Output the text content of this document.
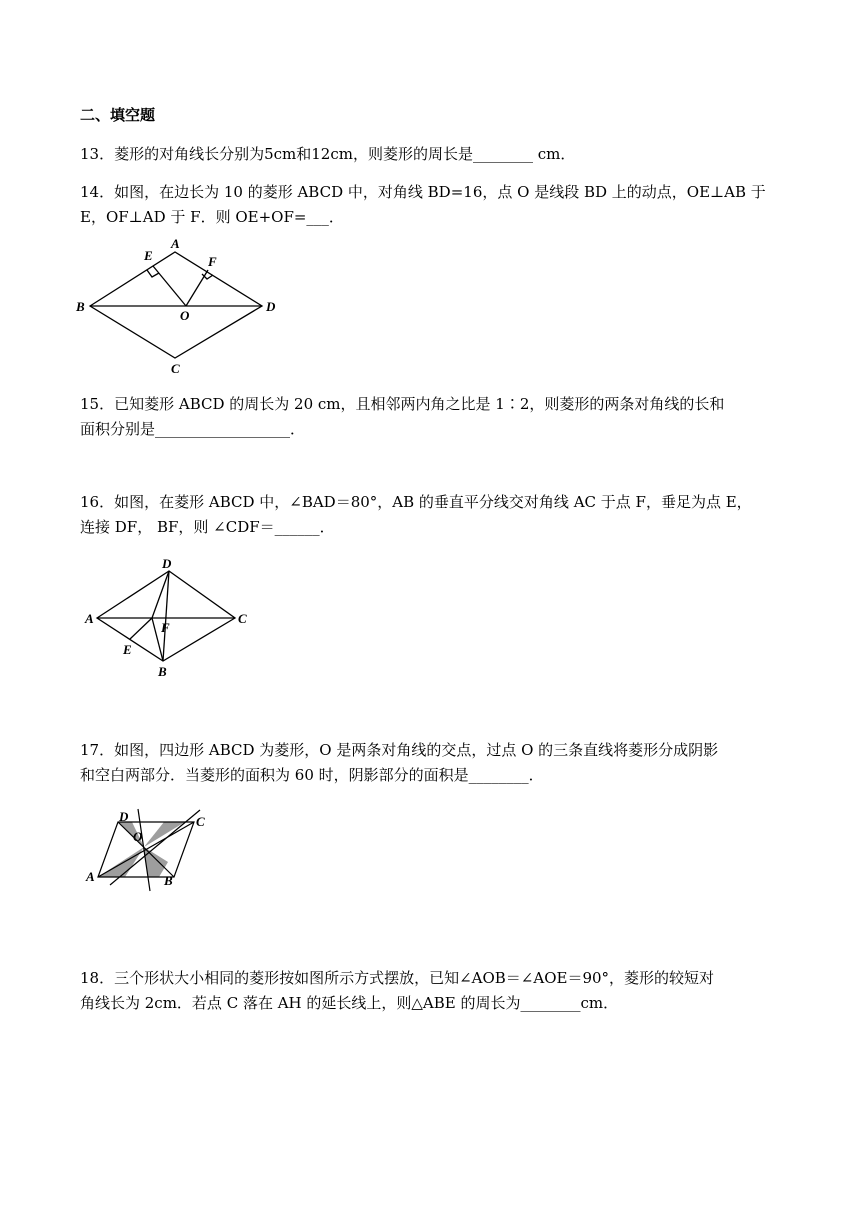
二、填空题
13．菱形的对角线长分别为5cm和12cm，则菱形的周长是________ cm．
14．如图，在边长为 10 的菱形 ABCD 中，对角线 BD=16，点 O 是线段 BD 上的动点，OE⊥AB 于
E，OF⊥AD 于 F．则 OE+OF=___．
B
A
D
C
E	F
O
15．已知菱形 ABCD 的周长为 20 cm，且相邻两内角之比是 1∶2，则菱形的两条对角线的长和
面积分别是__________________．
16．如图，在菱形 ABCD 中，∠BAD＝80°，AB 的垂直平分线交对角线 AC 于点 F，垂足为点 E，
连接 DF， BF，则 ∠CDF＝______．
D
A	C
B
F
E
17．如图，四边形 ABCD 为菱形，O 是两条对角线的交点，过点 O 的三条直线将菱形分成阴影
和空白两部分．当菱形的面积为 60 时，阴影部分的面积是________．
D	C
O
A	B
18．三个形状大小相同的菱形按如图所示方式摆放，已知∠AOB＝∠AOE＝90°，菱形的较短对
角线长为 2cm．若点 C 落在 AH 的延长线上，则△ABE 的周长为________cm．
